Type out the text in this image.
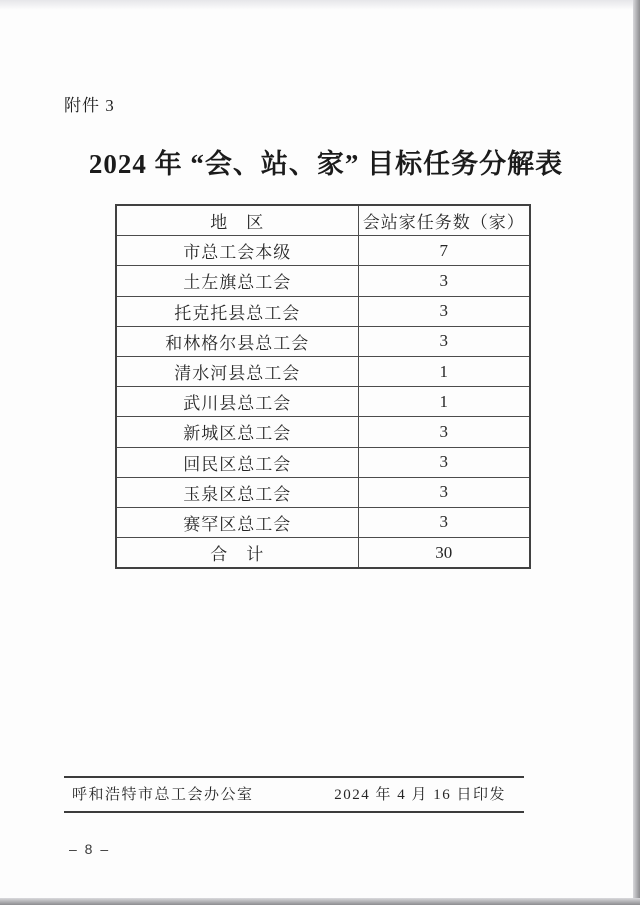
附件 3
2024 年 “会、站、家” 目标任务分解表
地　区	会站家任务数（家）
市总工会本级	7
土左旗总工会	3
托克托县总工会	3
和林格尔县总工会	3
清水河县总工会	1
武川县总工会	1
新城区总工会	3
回民区总工会	3
玉泉区总工会	3
赛罕区总工会	3
合　计	30
呼和浩特市总工会办公室	2024 年 4 月 16 日印发
– 8 –
